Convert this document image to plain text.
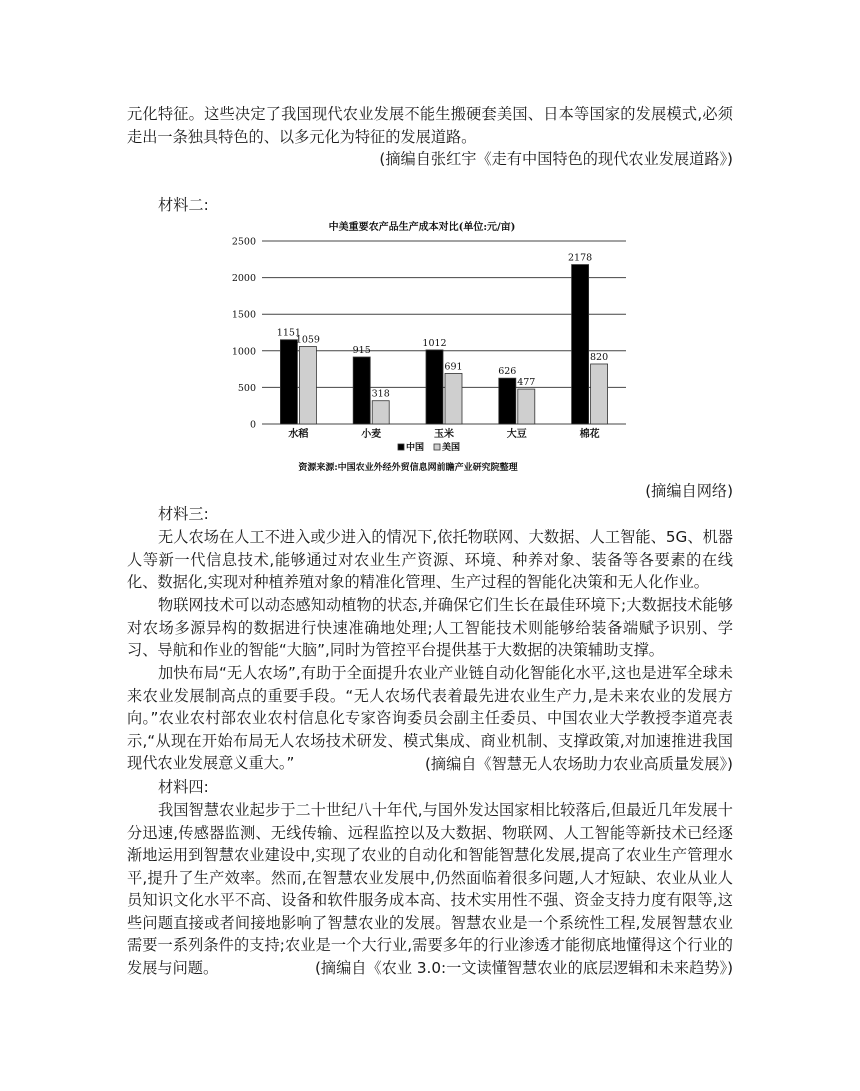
元化特征。这些决定了我国现代农业发展不能生搬硬套美国、日本等国家的发展模式,必须走出一条独具特色的、以多元化为特征的发展道路。

(摘编自张红宇《走有中国特色的现代农业发展道路》)
材料二:
中美重要农产品生产成本对比(单位:元/亩)
0
500
1000
1500
2000
2500
1151
1059
915
318
1012
691	626
477
2178
820
水稻	小麦	玉米	大豆	棉花
中国 美国
资源来源:中国农业外经外贸信息网前瞻产业研究院整理
(摘编自网络)
材料三:

无人农场在人工不进入或少进入的情况下,依托物联网、大数据、人工智能、5G、机器人等新一代信息技术,能够通过对农业生产资源、环境、种养对象、装备等各要素的在线化、数据化,实现对种植养殖对象的精准化管理、生产过程的智能化决策和无人化作业。

物联网技术可以动态感知动植物的状态,并确保它们生长在最佳环境下;大数据技术能够对农场多源异构的数据进行快速准确地处理;人工智能技术则能够给装备端赋予识别、学习、导航和作业的智能“大脑”,同时为管控平台提供基于大数据的决策辅助支撑。

加快布局“无人农场”,有助于全面提升农业产业链自动化智能化水平,这也是进军全球未来农业发展制高点的重要手段。“无人农场代表着最先进农业生产力,是未来农业的发展方向。”农业农村部农业农村信息化专家咨询委员会副主任委员、中国农业大学教授李道亮表示,“从现在开始布局无人农场技术研发、模式集成、商业机制、支撑政策,对加速推进我国现代农业发展意义重大。”	(摘编自《智慧无人农场助力农业高质量发展》)
材料四:

我国智慧农业起步于二十世纪八十年代,与国外发达国家相比较落后,但最近几年发展十分迅速,传感器监测、无线传输、远程监控以及大数据、物联网、人工智能等新技术已经逐渐地运用到智慧农业建设中,实现了农业的自动化和智能智慧化发展,提高了农业生产管理水平,提升了生产效率。然而,在智慧农业发展中,仍然面临着很多问题,人才短缺、农业从业人员知识文化水平不高、设备和软件服务成本高、技术实用性不强、资金支持力度有限等,这些问题直接或者间接地影响了智慧农业的发展。智慧农业是一个系统性工程,发展智慧农业需要一系列条件的支持;农业是一个大行业,需要多年的行业渗透才能彻底地懂得这个行业的发展与问题。	(摘编自《农业 3.0:一文读懂智慧农业的底层逻辑和未来趋势》)
